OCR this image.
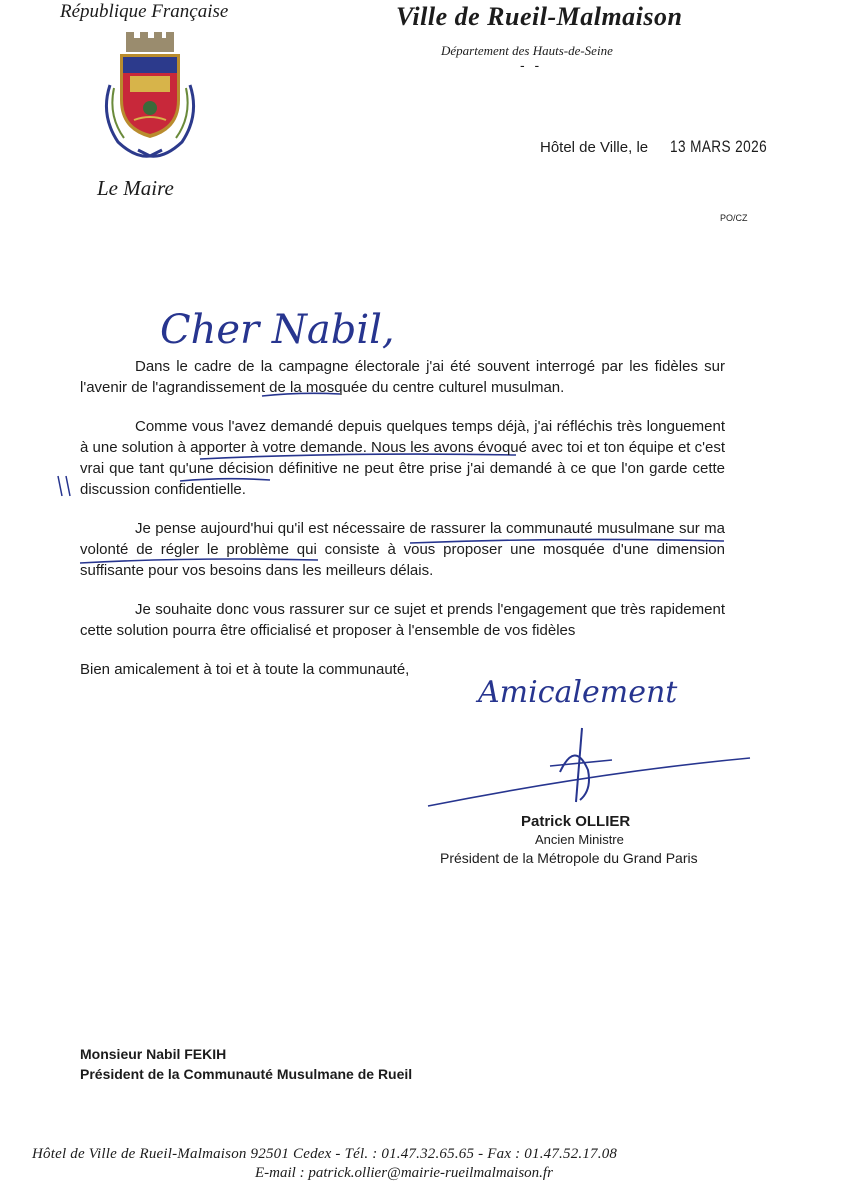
République Française
Le Maire
Ville de Rueil-Malmaison
Département des Hauts-de-Seine
- -
Hôtel de Ville, le 13 MARS 2026
PO/CZ
Cher Nabil,
Amicalement

Dans le cadre de la campagne électorale j'ai été souvent interrogé par les fidèles sur l'avenir de l'agrandissement de la mosquée du centre culturel musulman.

Comme vous l'avez demandé depuis quelques temps déjà, j'ai réfléchis très longuement à une solution à apporter à votre demande. Nous les avons évoqué avec toi et ton équipe et c'est vrai que tant qu'une décision définitive ne peut être prise j'ai demandé à ce que l'on garde cette discussion confidentielle.

Je pense aujourd'hui qu'il est nécessaire de rassurer la communauté musulmane sur ma volonté de régler le problème qui consiste à vous proposer une mosquée d'une dimension suffisante pour vos besoins dans les meilleurs délais.

Je souhaite donc vous rassurer sur ce sujet et prends l'engagement que très rapidement cette solution pourra être officialisé et proposer à l'ensemble de vos fidèles

Bien amicalement à toi et à toute la communauté,

Patrick OLLIER
Ancien Ministre
Président de la Métropole du Grand Paris
Monsieur Nabil FEKIH
Président de la Communauté Musulmane de Rueil
Hôtel de Ville de Rueil-Malmaison 92501 Cedex - Tél. : 01.47.32.65.65 - Fax : 01.47.52.17.08
E-mail : patrick.ollier@mairie-rueilmalmaison.fr
